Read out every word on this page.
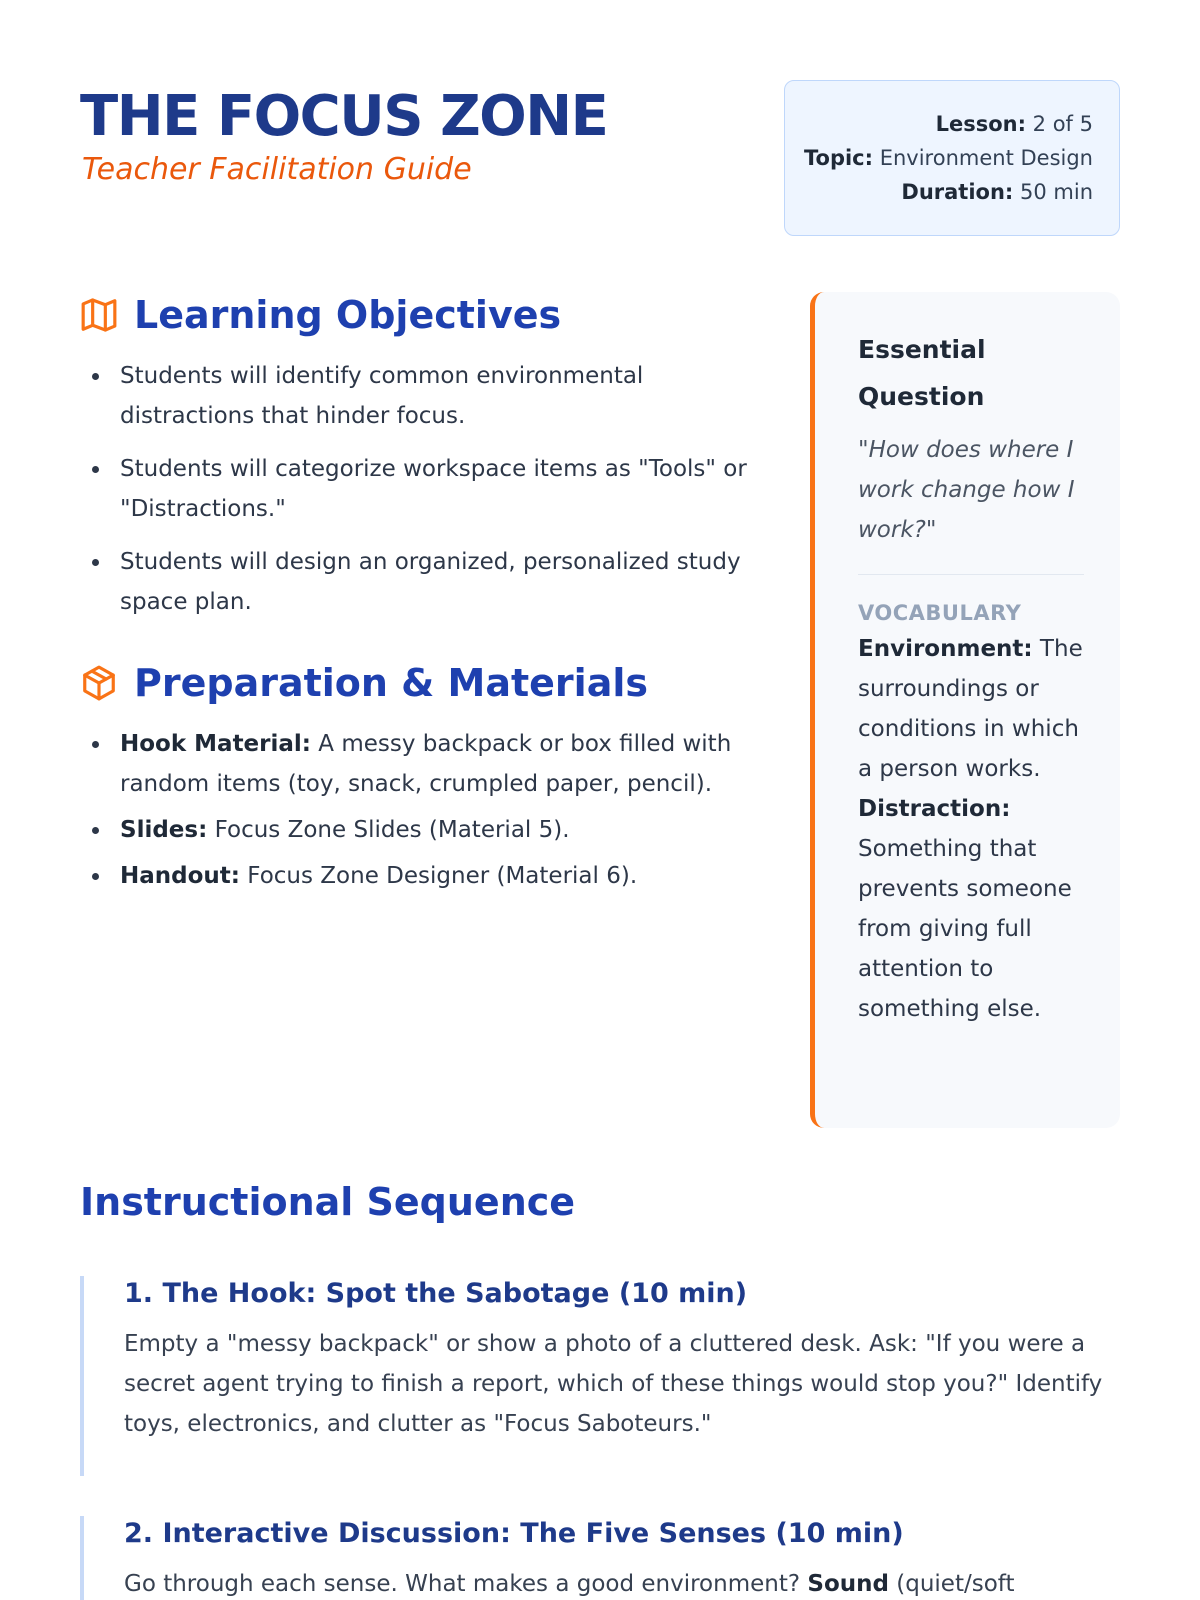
THE FOCUS ZONE
Teacher Facilitation Guide
Lesson: 2 of 5
Topic: Environment Design
Duration: 50 min
Learning Objectives
Students will identify common environmental distractions that hinder focus.
Students will categorize workspace items as "Tools" or "Distractions."
Students will design an organized, personalized study space plan.
Preparation & Materials
Hook Material: A messy backpack or box filled with random items (toy, snack, crumpled paper, pencil).
Slides: Focus Zone Slides (Material 5).
Handout: Focus Zone Designer (Material 6).
Essential Question
"How does where I work change how I work?"
VOCABULARY
Environment: The surroundings or conditions in which a person works.
Distraction: Something that prevents someone from giving full attention to something else.
Instructional Sequence
1. The Hook: Spot the Sabotage (10 min)

Empty a "messy backpack" or show a photo of a cluttered desk. Ask: "If you were a secret agent trying to finish a report, which of these things would stop you?" Identify toys, electronics, and clutter as "Focus Saboteurs."

2. Interactive Discussion: The Five Senses (10 min)

Go through each sense. What makes a good environment? Sound (quiet/soft
